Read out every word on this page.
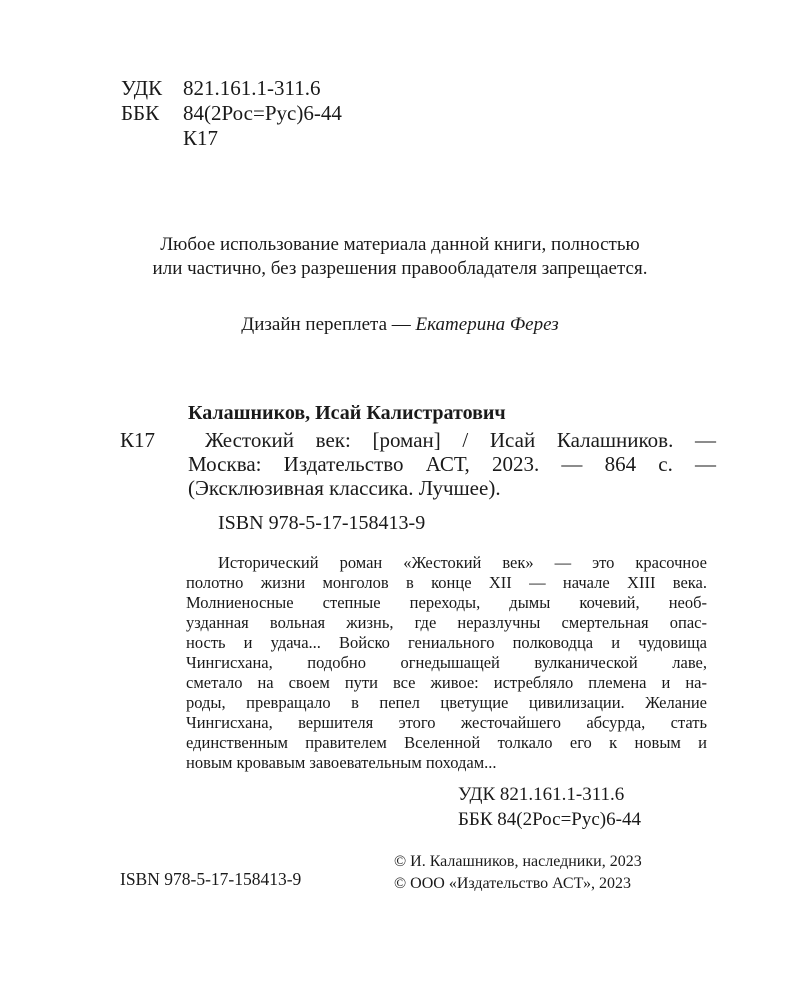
УДК 821.161.1-311.6
ББК	84(2Рос=Рус)6-44
К17
Любое использование материала данной книги, полностью
или частично, без разрешения правообладателя запрещается.
Дизайн переплета — Екатерина Ферез
Калашников, Исай Калистратович
К17	Жестокий век: [роман] / Исай Калашников. —
Москва: Издательство АСТ, 2023. — 864 с. —
(Эксклюзивная классика. Лучшее).
ISBN 978-5-17-158413-9
Исторический роман «Жестокий век» — это красочное
полотно жизни монголов в конце XII — начале XIII века.
Молниеносные степные переходы, дымы кочевий, необ-
узданная вольная жизнь, где неразлучны смертельная опас-
ность и удача... Войско гениального полководца и чудовища
Чингисхана, подобно огнедышащей вулканической лаве,
сметало на своем пути все живое: истребляло племена и на-
роды, превращало в пепел цветущие цивилизации. Желание
Чингисхана, вершителя этого жесточайшего абсурда, стать
единственным правителем Вселенной толкало его к новым и
новым кровавым завоевательным походам...
УДК 821.161.1-311.6
ББК 84(2Рос=Рус)6-44
ISBN 978-5-17-158413-9
© И. Калашников, наследники, 2023
© ООО «Издательство АСТ», 2023
